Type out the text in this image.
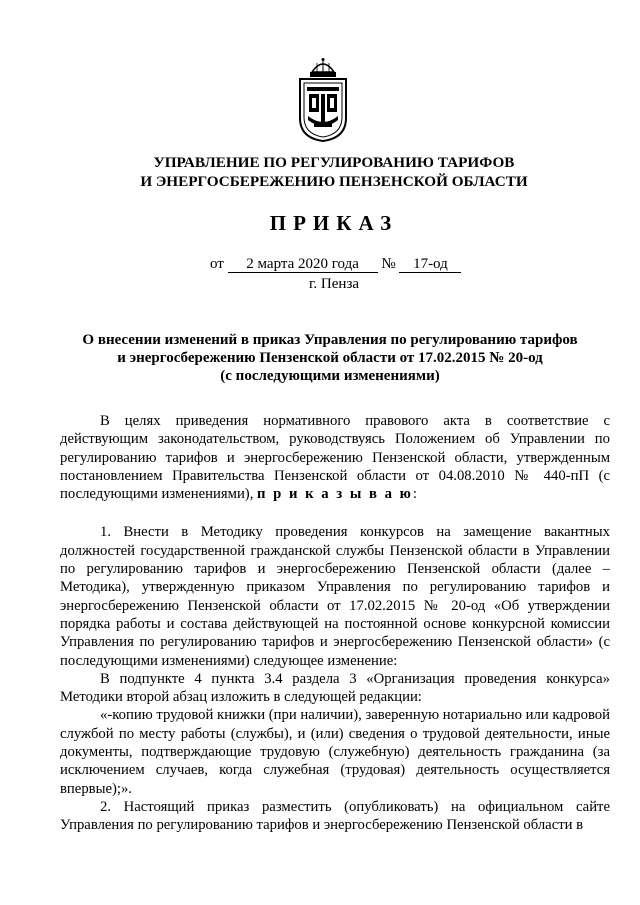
УПРАВЛЕНИЕ ПО РЕГУЛИРОВАНИЮ ТАРИФОВ
И ЭНЕРГОСБЕРЕЖЕНИЮ ПЕНЗЕНСКОЙ ОБЛАСТИ
ПРИКАЗ
от 2 марта 2020 года № 17-од
г. Пенза
О внесении изменений в приказ Управления по регулированию тарифов
и энергосбережению Пензенской области от 17.02.2015 № 20-од
(с последующими изменениями)

В целях приведения нормативного правового акта в соответствие с действующим законодательством, руководствуясь Положением об Управлении по регулированию тарифов и энергосбережению Пензенской области, утвержденным постановлением Правительства Пензенской области от 04.08.2010 № 440-пП (с последующими изменениями), п р и к а з ы в а ю:

1. Внести в Методику проведения конкурсов на замещение вакантных должностей государственной гражданской службы Пензенской области в Управлении по регулированию тарифов и энергосбережению Пензенской области (далее – Методика), утвержденную приказом Управления по регулированию тарифов и энергосбережению Пензенской области от 17.02.2015 № 20-од «Об утверждении порядка работы и состава действующей на постоянной основе конкурсной комиссии Управления по регулированию тарифов и энергосбережению Пензенской области» (с последующими изменениями) следующее изменение:

В подпункте 4 пункта 3.4 раздела 3 «Организация проведения конкурса» Методики второй абзац изложить в следующей редакции:

«-копию трудовой книжки (при наличии), заверенную нотариально или кадровой службой по месту работы (службы), и (или) сведения о трудовой деятельности, иные документы, подтверждающие трудовую (служебную) деятельность гражданина (за исключением случаев, когда служебная (трудовая) деятельность осуществляется впервые);».

2. Настоящий приказ разместить (опубликовать) на официальном сайте Управления по регулированию тарифов и энергосбережению Пензенской области в
